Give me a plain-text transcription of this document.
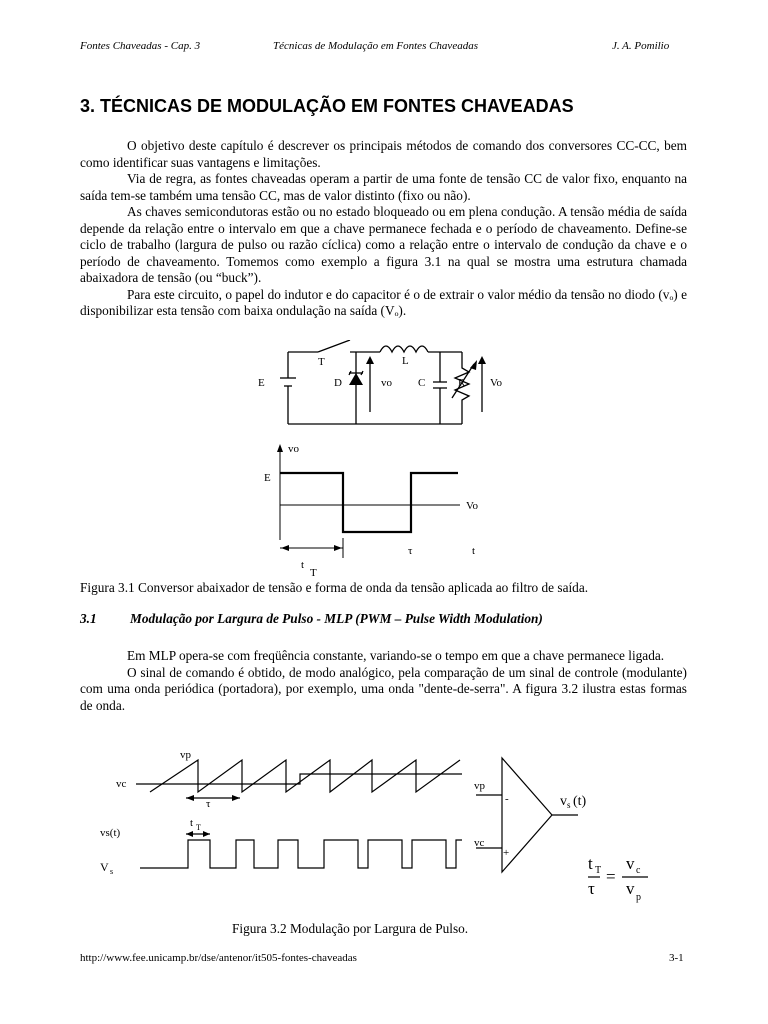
Fontes Chaveadas - Cap. 3	Técnicas de Modulação em Fontes Chaveadas	J. A. Pomilio
3. TÉCNICAS DE MODULAÇÃO EM FONTES CHAVEADAS

O objetivo deste capítulo é descrever os principais métodos de comando dos conversores CC-CC, bem como identificar suas vantagens e limitações.

Via de regra, as fontes chaveadas operam a partir de uma fonte de tensão CC de valor fixo, enquanto na saída tem-se também uma tensão CC, mas de valor distinto (fixo ou não).

As chaves semicondutoras estão ou no estado bloqueado ou em plena condução. A tensão média de saída depende da relação entre o intervalo em que a chave permanece fechada e o período de chaveamento. Define-se ciclo de trabalho (largura de pulso ou razão cíclica) como a relação entre o intervalo de condução da chave e o período de chaveamento. Tomemos como exemplo a figura 3.1 na qual se mostra uma estrutura chamada abaixadora de tensão (ou “buck”).

Para este circuito, o papel do indutor e do capacitor é o de extrair o valor médio da tensão no diodo (vₒ) e disponibilizar esta tensão com baixa ondulação na saída (Vₒ).

T	L
E	D	vo C	R Vo
vo
E
Vo
τ	t
t
T
Figura 3.1 Conversor abaixador de tensão e forma de onda da tensão aplicada ao filtro de saída.
3.1	Modulação por Largura de Pulso - MLP (PWM – Pulse Width Modulation)

Em MLP opera-se com freqüência constante, variando-se o tempo em que a chave permanece ligada.

O sinal de comando é obtido, de modo analógico, pela comparação de um sinal de controle (modulante) com uma onda periódica (portadora), por exemplo, uma onda "dente-de-serra". A figura 3.2 ilustra estas formas de onda.

vp
vc
τ
t T
vs(t)
V s
vp
vc
-
+
v s (t)
t T
τ
=
v c
v p
Figura 3.2 Modulação por Largura de Pulso.
http://www.fee.unicamp.br/dse/antenor/it505-fontes-chaveadas	3-1
